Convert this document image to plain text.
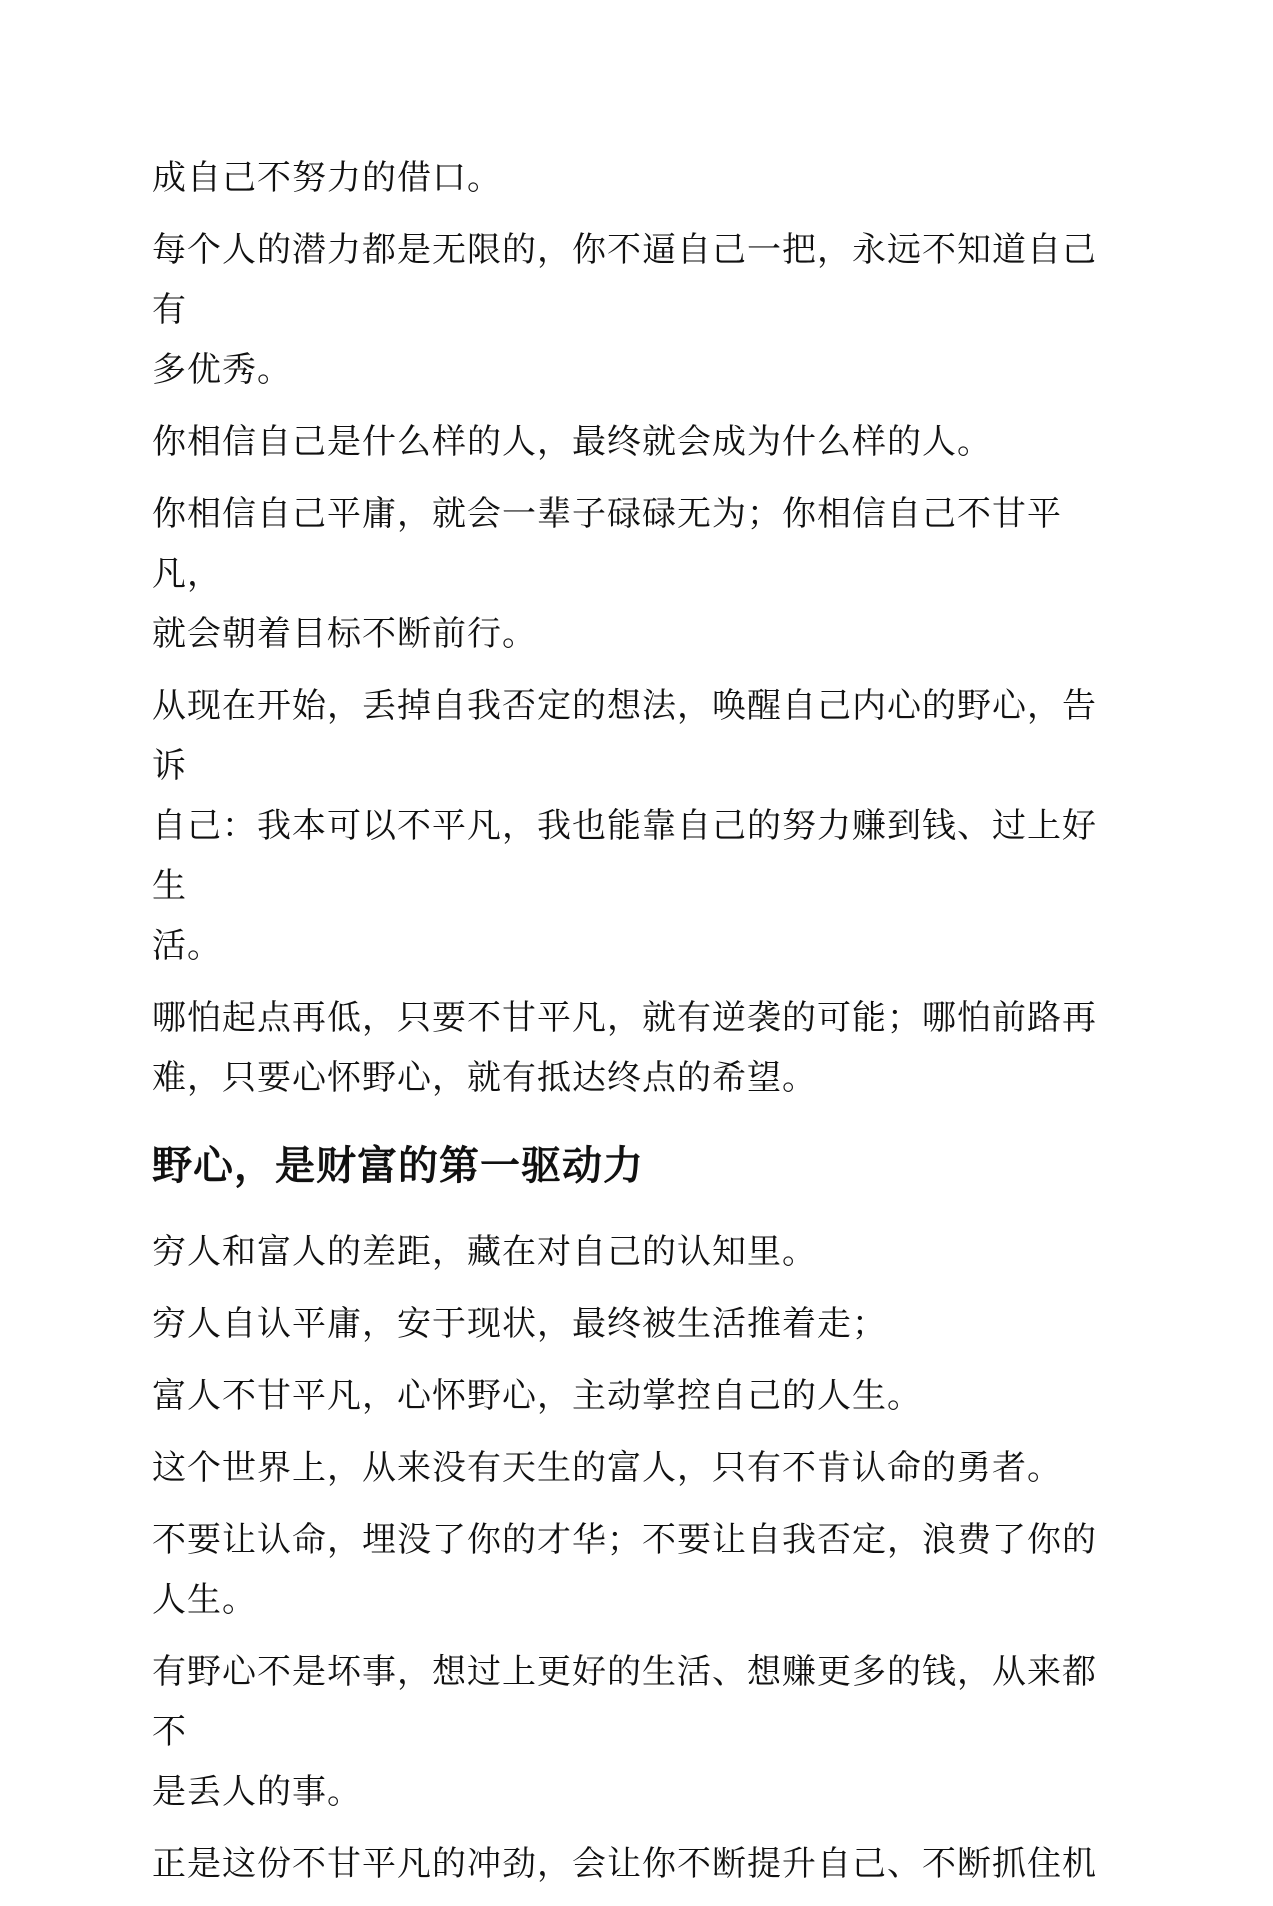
成自己不努力的借口。

每个人的潜力都是无限的，你不逼自己一把，永远不知道自己有
多优秀。

你相信自己是什么样的人，最终就会成为什么样的人。

你相信自己平庸，就会一辈子碌碌无为；你相信自己不甘平凡，
就会朝着目标不断前行。

从现在开始，丢掉自我否定的想法，唤醒自己内心的野心，告诉
自己：我本可以不平凡，我也能靠自己的努力赚到钱、过上好生
活。

哪怕起点再低，只要不甘平凡，就有逆袭的可能；哪怕前路再
难，只要心怀野心，就有抵达终点的希望。

野心，是财富的第一驱动力

穷人和富人的差距，藏在对自己的认知里。

穷人自认平庸，安于现状，最终被生活推着走；

富人不甘平凡，心怀野心，主动掌控自己的人生。

这个世界上，从来没有天生的富人，只有不肯认命的勇者。

不要让认命，埋没了你的才华；不要让自我否定，浪费了你的
人生。

有野心不是坏事，想过上更好的生活、想赚更多的钱，从来都不
是丢人的事。

正是这份不甘平凡的冲劲，会让你不断提升自己、不断抓住机
